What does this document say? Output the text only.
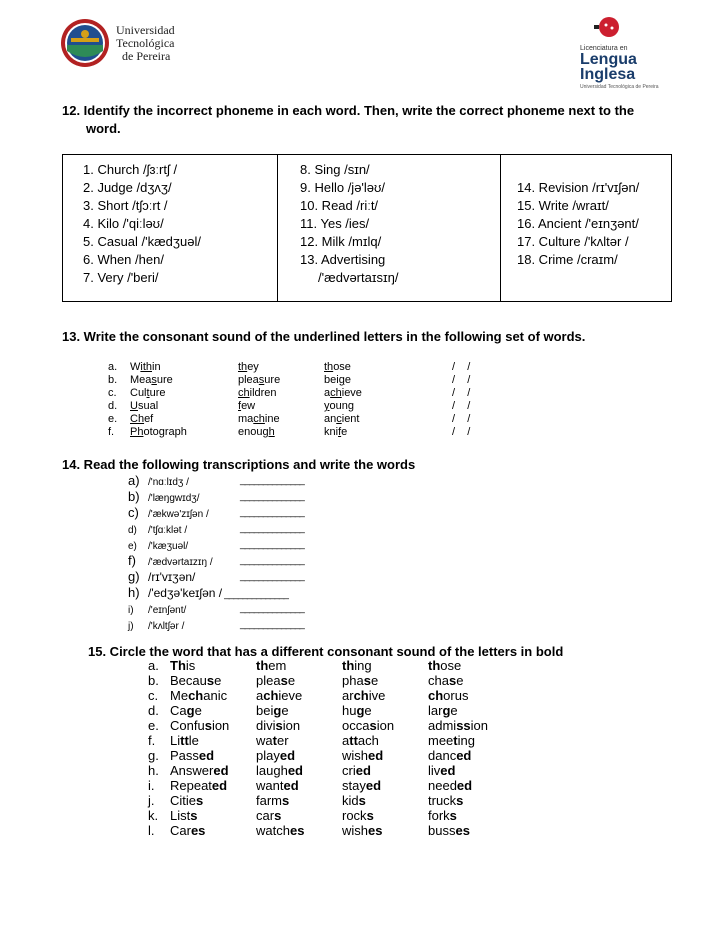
Universidad
Tecnológica
de Pereira
Licenciatura en
Lengua
Inglesa
Universidad Tecnológica de Pereira
12. Identify the incorrect phoneme in each word. Then, write the correct phoneme next to the
word.
1. Church /ʃɜːrtʃ /
2. Judge /dʒʌʒ/
3. Short /tʃɔːrt /
4. Kilo /'qiːləʊ/
5. Casual /'kædʒuəl/
6. When /hen/
7. Very /'beri/

8. Sing /sɪn/
9. Hello /jə'ləʊ/
10. Read /riːt/
11. Yes /ies/
12. Milk /mɪlq/
13. Advertising
/'ædvərtaɪsɪŋ/

14. Revision /rɪ'vɪʃən/
15. Write /wraɪt/
16. Ancient /'eɪnʒənt/
17. Culture /'kʌltər /
18. Crime /craɪm/
13. Write the consonant sound of the underlined letters in the following set of words.
a. Within	they	those	/    /
b. Measure	pleasure	beige	/    /
c. Culture	children	achieve	/    /
d. Usual	few	young	/    /
e. Chef	machine	ancient	/    /
f. Photograph	enough	knife	/    /
14. Read the following transcriptions and write the words
a) /'nɑːlɪdʒ /	______________
b) /'læŋgwɪdʒ/	______________
c) /'ækwə'zɪʃən /	______________
d) /'tʃɑːklət /	______________
e) /'kæʒuəl/	______________
f) /'ædvərtaɪzɪŋ /	______________
g) /rɪ'vɪʒən/	______________
h) /'edʒə'keɪʃən / ______________
i) /'eɪnʃənt/	______________
j) /'kʌltʃər /	______________
15. Circle the word that has a different consonant sound of the letters in bold
a. This	them	thing	those
b. Because	please	phase	chase
c. Mechanic achieve	archive	chorus
d. Cage	beige	huge	large
e. Confusion division	occasion	admission
f. Little	water	attach	meeting
g. Passed	played	wished	danced
h. Answered laughed	cried	lived
i. Repeated wanted	stayed	needed
j. Cities	farms	kids	trucks
k. Lists	cars	rocks	forks
l. Cares	watches	wishes	busses
